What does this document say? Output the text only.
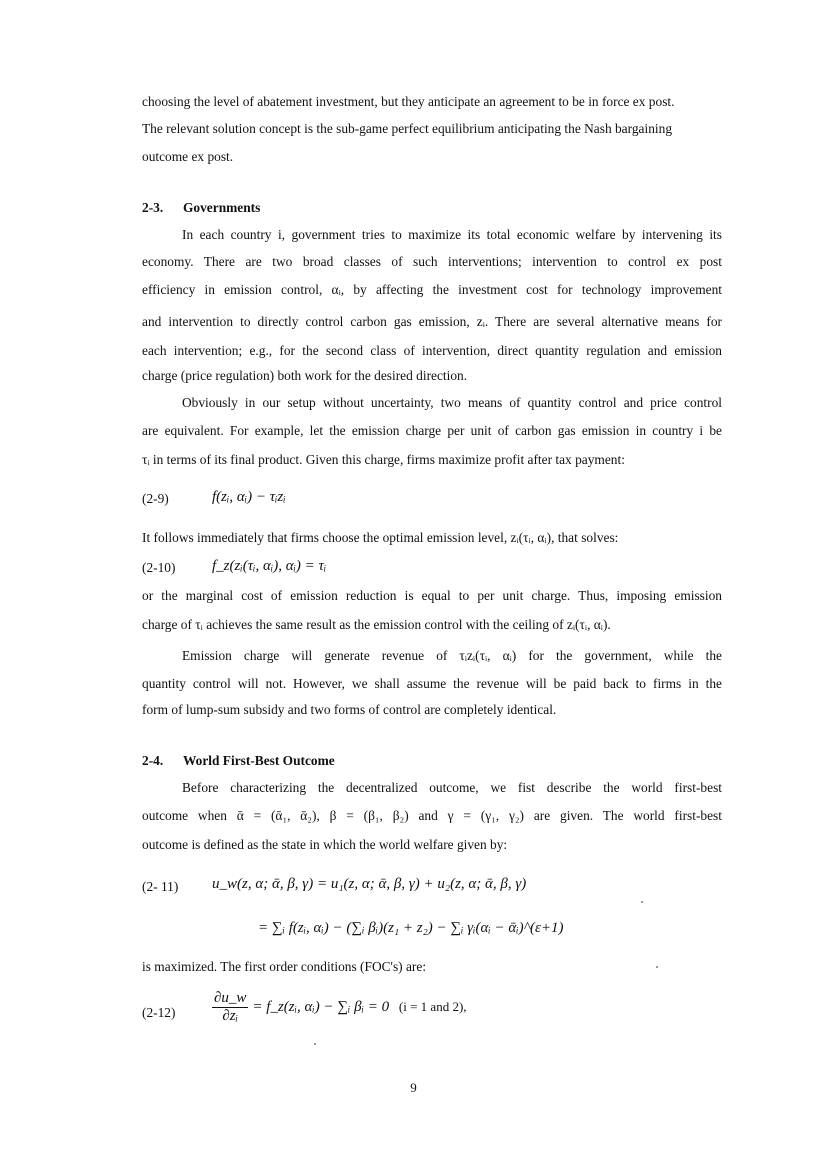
choosing the level of abatement investment, but they anticipate an agreement to be in force ex post.
The relevant solution concept is the sub-game perfect equilibrium anticipating the Nash bargaining
outcome ex post.
2-3. Governments
In each country i, government tries to maximize its total economic welfare by intervening its
economy. There are two broad classes of such interventions; intervention to control ex post
efficiency in emission control, αᵢ, by affecting the investment cost for technology improvement
and intervention to directly control carbon gas emission, zᵢ. There are several alternative means for
each intervention; e.g., for the second class of intervention, direct quantity regulation and emission
charge (price regulation) both work for the desired direction.
Obviously in our setup without uncertainty, two means of quantity control and price control
are equivalent. For example, let the emission charge per unit of carbon gas emission in country i be
τᵢ in terms of its final product. Given this charge, firms maximize profit after tax payment:
(2-9)	f(zᵢ, αᵢ) − τᵢzᵢ
It follows immediately that firms choose the optimal emission level, zᵢ(τᵢ, αᵢ), that solves:
(2-10) f_z(zᵢ(τᵢ, αᵢ), αᵢ) = τᵢ
or the marginal cost of emission reduction is equal to per unit charge. Thus, imposing emission
charge of τᵢ achieves the same result as the emission control with the ceiling of zᵢ(τᵢ, αᵢ).
Emission charge will generate revenue of τᵢzᵢ(τᵢ, αᵢ) for the government, while the
quantity control will not. However, we shall assume the revenue will be paid back to firms in the
form of lump-sum subsidy and two forms of control are completely identical.
2-4. World First-Best Outcome
Before characterizing the decentralized outcome, we fist describe the world first-best
outcome when ᾱ = (ᾱ₁, ᾱ₂), β = (β₁, β₂) and γ = (γ₁, γ₂) are given. The world first-best
outcome is defined as the state in which the world welfare given by:
(2- 11) u_w(z, α; ᾱ, β, γ) = u₁(z, α; ᾱ, β, γ) + u₂(z, α; ᾱ, β, γ)
= ∑ᵢ f(zᵢ, αᵢ) − (∑ᵢ βᵢ)(z₁ + z₂) − ∑ᵢ γᵢ(αᵢ − ᾱᵢ)^(ε+1)
is maximized. The first order conditions (FOC's) are:
$(2-12) \frac{\partial u\_w}{\text{∂zᵢ}}$ = f_z(zᵢ, αᵢ) − ∑ᵢ βᵢ = 0 (i = 1 and 2),
9
